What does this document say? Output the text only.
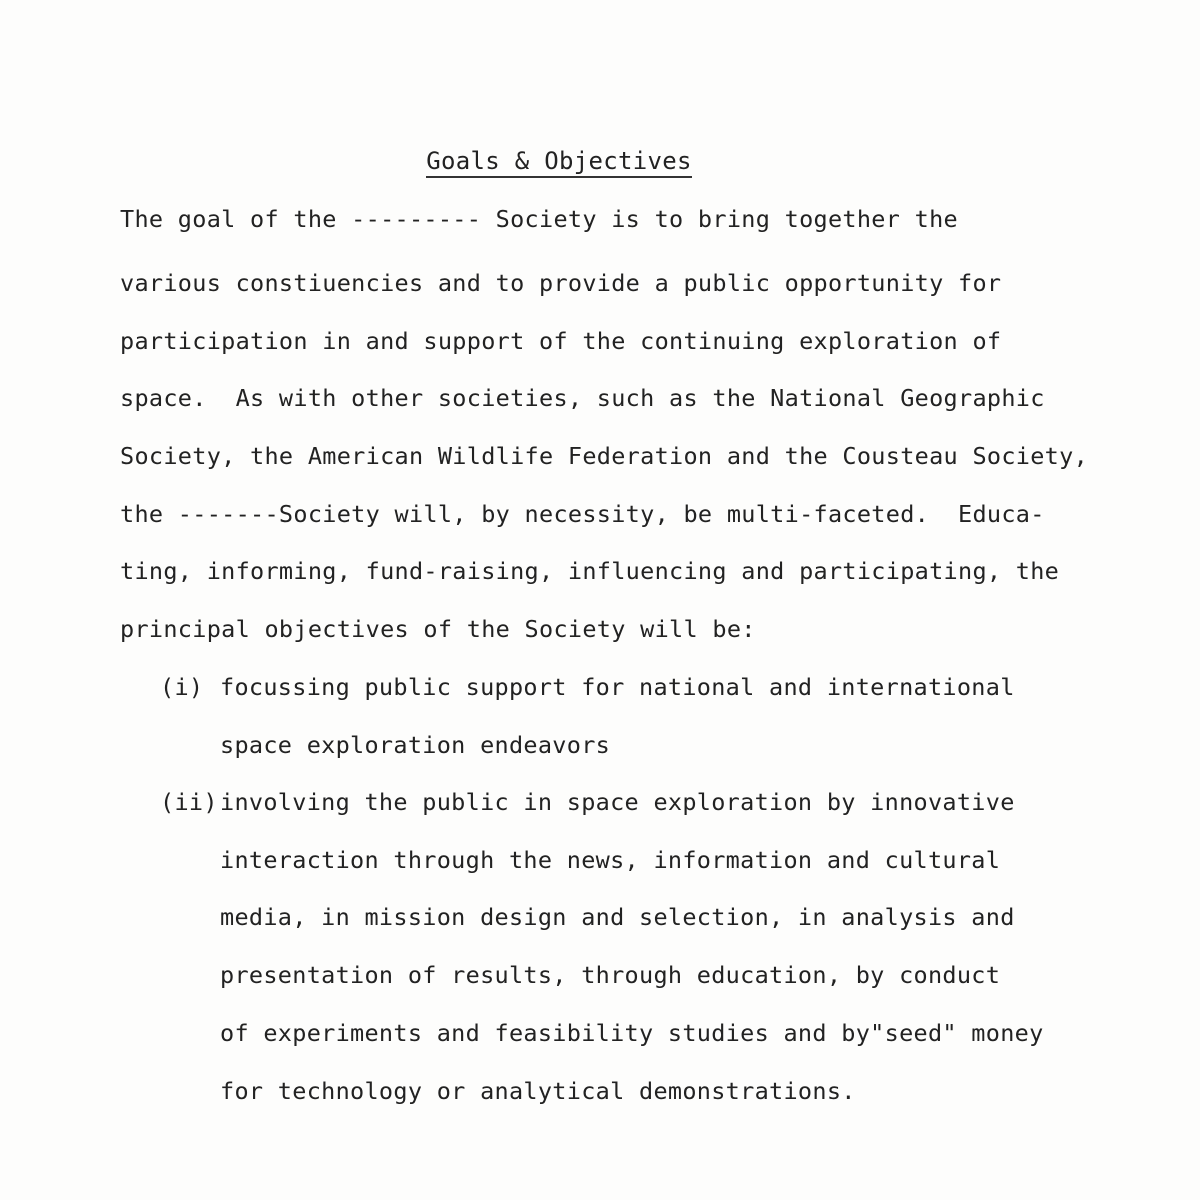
Goals & Objectives
The goal of the --------- Society is to bring together the
various constiuencies and to provide a public opportunity for
participation in and support of the continuing exploration of
space.  As with other societies, such as the National Geographic
Society, the American Wildlife Federation and the Cousteau Society,
the -------Society will, by necessity, be multi-faceted.  Educa-
ting, informing, fund-raising, influencing and participating, the
principal objectives of the Society will be:
(i) focussing public support for national and international
space exploration endeavors
(ii) involving the public in space exploration by innovative
interaction through the news, information and cultural
media, in mission design and selection, in analysis and
presentation of results, through education, by conduct
of experiments and feasibility studies and by"seed" money
for technology or analytical demonstrations.
